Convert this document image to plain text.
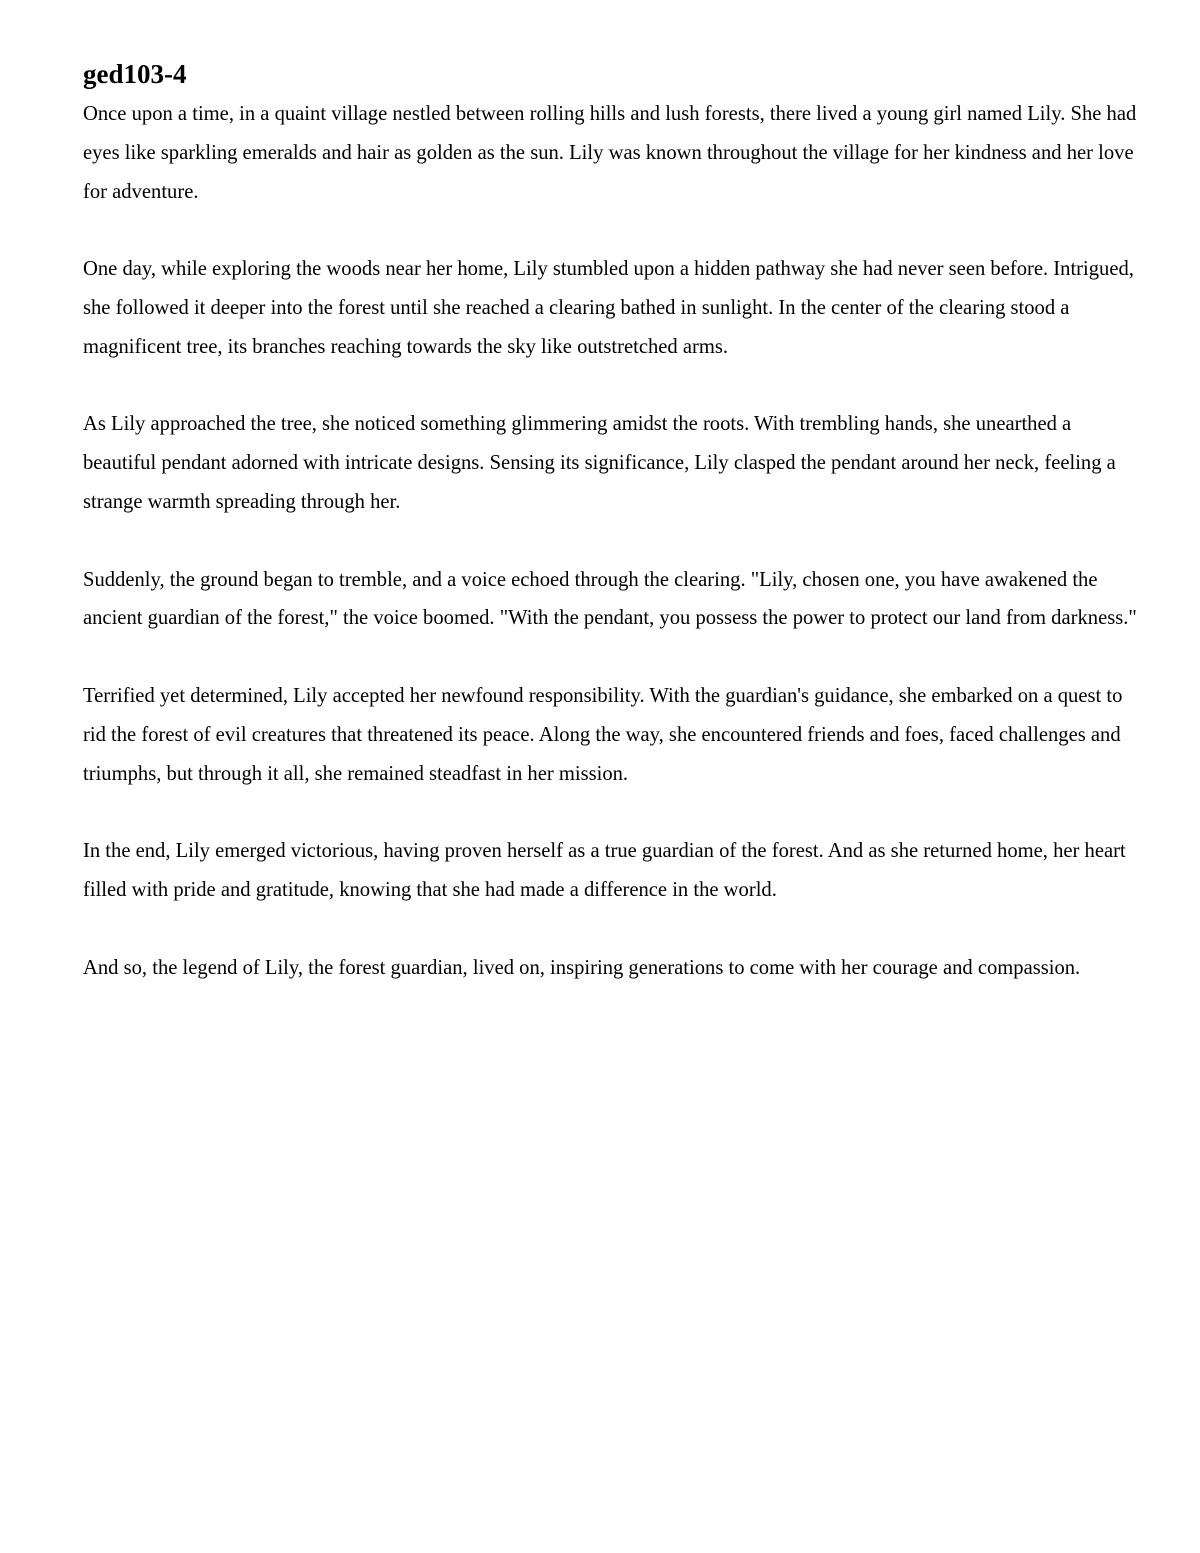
ged103-4

Once upon a time, in a quaint village nestled between rolling hills and lush forests, there lived a young girl named Lily. She had eyes like sparkling emeralds and hair as golden as the sun. Lily was known throughout the village for her kindness and her love for adventure.

One day, while exploring the woods near her home, Lily stumbled upon a hidden pathway she had never seen before. Intrigued, she followed it deeper into the forest until she reached a clearing bathed in sunlight. In the center of the clearing stood a magnificent tree, its branches reaching towards the sky like outstretched arms.

As Lily approached the tree, she noticed something glimmering amidst the roots. With trembling hands, she unearthed a beautiful pendant adorned with intricate designs. Sensing its significance, Lily clasped the pendant around her neck, feeling a strange warmth spreading through her.

Suddenly, the ground began to tremble, and a voice echoed through the clearing. "Lily, chosen one, you have awakened the ancient guardian of the forest," the voice boomed. "With the pendant, you possess the power to protect our land from darkness."

Terrified yet determined, Lily accepted her newfound responsibility. With the guardian's guidance, she embarked on a quest to rid the forest of evil creatures that threatened its peace. Along the way, she encountered friends and foes, faced challenges and triumphs, but through it all, she remained steadfast in her mission.

In the end, Lily emerged victorious, having proven herself as a true guardian of the forest. And as she returned home, her heart filled with pride and gratitude, knowing that she had made a difference in the world.

And so, the legend of Lily, the forest guardian, lived on, inspiring generations to come with her courage and compassion.
